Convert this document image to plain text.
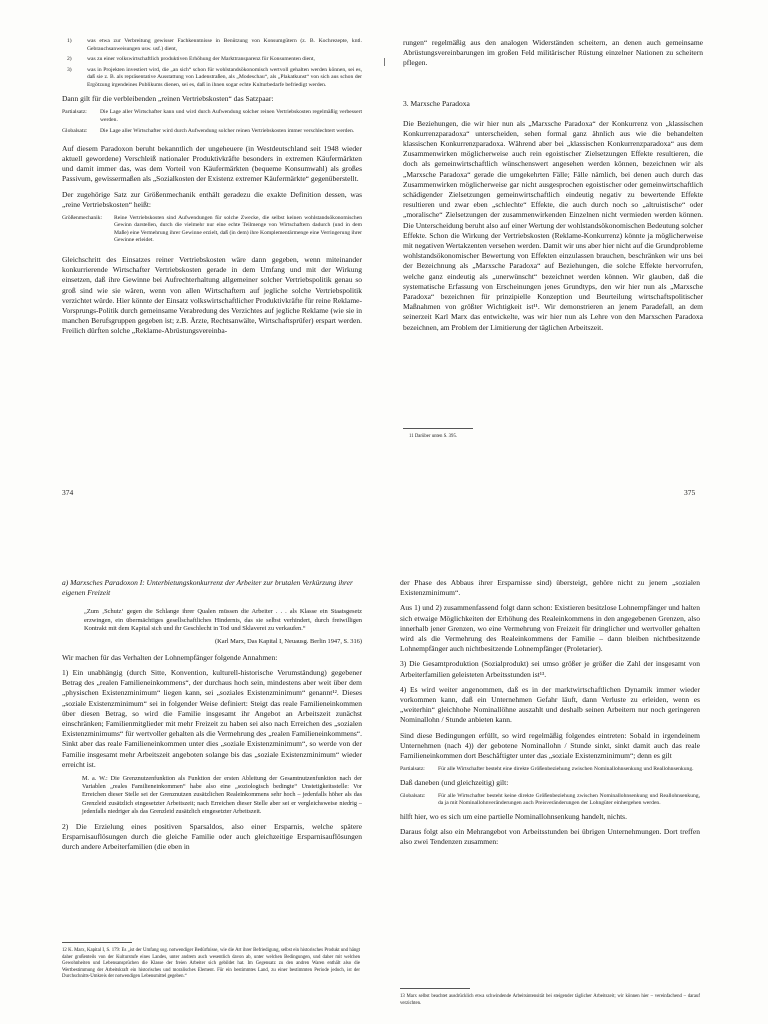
1)	was etwa zur Verbreitung gewisser Fachkenntnisse in Benützung von Konsumgütern (z. B. Kochrezepte, kntl. Gebrauchsanweisungen usw. usf.) dient,
2)	was zu einer volkswirtschaftlich produktiven Erhöhung der Markttransparenz für Konsumenten dient,
3)	was in Projekten investiert wird, die „an sich“ schon für wohlstandsökonomisch wertvoll gehalten werden können, sei es, daß sie z. B. als repräsentative Ausstattung von Ladenstraßen, als „Modeschau“, als „Plakatkunst“ von sich aus schon der Ergötzung irgendeines Publikums dienen, sei es, daß in ihnen sogar echte Kulturbedarfe befriedigt werden.

Dann gilt für die verbleibenden „reinen Vertriebskosten“ das Satzpaar:

Partialsatz:	Die Lage aller Wirtschafter kann und wird durch Aufwendung solcher reinen Vertriebskosten regelmäßig verbessert werden.
Globalsatz:	Die Lage aller Wirtschafter wird durch Aufwendung solcher reinen Vertriebskosten immer verschlechtert werden.

Auf diesem Paradoxon beruht bekanntlich der ungeheuere (in Westdeutschland seit 1948 wieder aktuell gewordene) Verschleiß nationaler Produktivkräfte besonders in extremen Käufermärkten und damit immer das, was dem Vorteil von Käufermärkten (bequeme Konsumwahl) als großes Passivum, gewissermaßen als „Sozialkosten der Existenz extremer Käufermärkte“ gegenüberstellt.

Der zugehörige Satz zur Größenmechanik enthält geradezu die exakte Definition dessen, was „reine Vertriebskosten“ heißt:

Größenmechanik:	Reine Vertriebskosten sind Aufwendungen für solche Zwecke, die selbst keinen wohlstandsökonomischen Gewinn darstellen, durch die vielmehr nur eine echte Teilmenge von Wirtschaftern dadurch (und in dem Maße) eine Vermehrung ihrer Gewinne erzielt, daß (in dem) ihre Komplementärmenge eine Verringerung ihrer Gewinne erleidet.

Gleichschritt des Einsatzes reiner Vertriebskosten wäre dann gegeben, wenn miteinander konkurrierende Wirtschafter Vertriebskosten gerade in dem Umfang und mit der Wirkung einsetzen, daß ihre Gewinne bei Aufrechterhaltung allgemeiner solcher Vertriebspolitik genau so groß sind wie sie wären, wenn von allen Wirtschaftern auf jegliche solche Vertriebspolitik verzichtet würde. Hier könnte der Einsatz volkswirtschaftlicher Produktivkräfte für reine Reklame-Vorsprungs-Politik durch gemeinsame Verabredung des Verzichtes auf jegliche Reklame (wie sie in manchen Berufsgruppen gegeben ist; z.B. Ärzte, Rechtsanwälte, Wirtschaftsprüfer) erspart werden. Freilich dürften solche „Reklame-Abrüstungsvereinba-

374

rungen“ regelmäßig aus den analogen Widerständen scheitern, an denen auch gemeinsame Abrüstungsvereinbarungen im großen Feld militärischer Rüstung einzelner Nationen zu scheitern pflegen.

3. Marxsche Paradoxa

Die Beziehungen, die wir hier nun als „Marxsche Paradoxa“ der Konkurrenz von „klassischen Konkurrenzparadoxa“ unterscheiden, sehen formal ganz ähnlich aus wie die behandelten klassischen Konkurrenzparadoxa. Während aber bei „klassischen Konkurrenzparadoxa“ aus dem Zusammenwirken möglicherweise auch rein egoistischer Zielsetzungen Effekte resultieren, die doch als gemeinwirtschaftlich wünschenswert angesehen werden können, bezeichnen wir als „Marxsche Paradoxa“ gerade die umgekehrten Fälle; Fälle nämlich, bei denen auch durch das Zusammenwirken möglicherweise gar nicht ausgesprochen egoistischer oder gemeinwirtschaftlich schädigender Zielsetzungen gemeinwirtschaftlich eindeutig negativ zu bewertende Effekte resultieren und zwar eben „schlechte“ Effekte, die auch durch noch so „altruistische“ oder „moralische“ Zielsetzungen der zusammenwirkenden Einzelnen nicht vermieden werden können. Die Unterscheidung beruht also auf einer Wertung der wohlstandsökonomischen Bedeutung solcher Effekte. Schon die Wirkung der Vertriebskosten (Reklame-Konkurrenz) könnte ja möglicherweise mit negativen Wertakzenten versehen werden. Damit wir uns aber hier nicht auf die Grundprobleme wohlstandsökonomischer Bewertung von Effekten einzulassen brauchen, beschränken wir uns bei der Bezeichnung als „Marxsche Paradoxa“ auf Beziehungen, die solche Effekte hervorrufen, welche ganz eindeutig als „unerwünscht“ bezeichnet werden können. Wir glauben, daß die systematische Erfassung von Erscheinungen jenes Grundtyps, den wir hier nun als „Marxsche Paradoxa“ bezeichnen für prinzipielle Konzeption und Beurteilung wirtschaftspolitischer Maßnahmen von größter Wichtigkeit ist¹¹. Wir demonstrieren an jenem Paradefall, an dem seinerzeit Karl Marx das entwickelte, was wir hier nun als Lehre von den Marxschen Paradoxa bezeichnen, am Problem der Limitierung der täglichen Arbeitszeit.

11 Darüber unten S. 395.
375
a) Marxsches Paradoxon I: Unterbietungskonkurrenz der Arbeiter zur brutalen Verkürzung ihrer eigenen Freizeit
„Zum ‚Schutz‘ gegen die Schlange ihrer Qualen müssen die Arbeiter . . . als Klasse ein Staatsgesetz erzwingen, ein übermächtiges gesellschaftliches Hindernis, das sie selbst verhindert, durch freiwilligen Kontrakt mit dem Kapital sich und ihr Geschlecht in Tod und Sklaverei zu verkaufen.“
(Karl Marx, Das Kapital I, Neuausg. Berlin 1947, S. 316)

Wir machen für das Verhalten der Lohnempfänger folgende Annahmen:

1) Ein unabhängig (durch Sitte, Konvention, kulturell-historische Verumständung) gegebener Betrag des „realen Familieneinkommens“, der durchaus hoch sein, mindestens aber weit über dem „physischen Existenzminimum“ liegen kann, sei „soziales Existenzminimum“ genannt¹². Dieses „soziale Existenzminimum“ sei in folgender Weise definiert: Steigt das reale Familieneinkommen über diesen Betrag, so wird die Familie insgesamt ihr Angebot an Arbeitszeit zunächst einschränken; Familienmitglieder mit mehr Freizeit zu haben sei also nach Erreichen des „sozialen Existenzminimums“ für wertvoller gehalten als die Vermehrung des „realen Familieneinkommens“. Sinkt aber das reale Familieneinkommen unter dies „soziale Existenzminimum“, so werde von der Familie insgesamt mehr Arbeitszeit angeboten solange bis das „soziale Existenzminimum“ wieder erreicht ist.

M. a. W.: Die Grenznutzenfunktion als Funktion der ersten Ableitung der Gesamtnutzenfunktion nach der Variablen „reales Familieneinkommen“ habe also eine „soziologisch bedingte“ Unstetigkeitsstelle: Vor Erreichen dieser Stelle sei der Grenznutzen zusätzlichen Realeinkommens sehr hoch – jedenfalls höher als das Grenzleid zusätzlich eingesetzter Arbeitszeit; nach Erreichen dieser Stelle aber sei er vergleichsweise niedrig – jedenfalls niedriger als das Grenzleid zusätzlich eingesetzter Arbeitszeit.

2) Die Erzielung eines positiven Sparsaldos, also einer Ersparnis, welche spätere Ersparnisauflösungen durch die gleiche Familie oder auch gleichzeitige Ersparnisauflösungen durch andere Arbeiterfamilien (die eben in

12 K. Marx, Kapital I, S. 179: Es „ist der Umfang sog. notwendiger Bedürfnisse, wie die Art ihrer Befriedigung, selbst ein historisches Produkt und hängt daher großenteils von der Kulturstufe eines Landes, unter andrem auch wesentlich davon ab, unter welchen Bedingungen, und daher mit welchen Gewohnheiten und Lebensansprüchen die Klasse der freien Arbeiter sich gebildet hat. Im Gegensatz zu den andren Waren enthält also die Wertbestimmung der Arbeitskraft ein historisches und moralisches Element. Für ein bestimmtes Land, zu einer bestimmten Periode jedoch, ist der Durchschnitts-Umkreis der notwendigen Lebensmittel gegeben.“

der Phase des Abbaus ihrer Ersparnisse sind) übersteigt, gehöre nicht zu jenem „sozialen Existenzminimum“.

Aus 1) und 2) zusammenfassend folgt dann schon: Existieren besitzlose Lohnempfänger und halten sich etwaige Möglichkeiten der Erhöhung des Realeinkommens in den angegebenen Grenzen, also innerhalb jener Grenzen, wo eine Vermehrung von Freizeit für dringlicher und wertvoller gehalten wird als die Vermehrung des Realeinkommens der Familie – dann bleiben nichtbesitzende Lohnempfänger auch nichtbesitzende Lohnempfänger (Proletarier).

3) Die Gesamtproduktion (Sozialprodukt) sei umso größer je größer die Zahl der insgesamt von Arbeiterfamilien geleisteten Arbeitsstunden ist¹³.

4) Es wird weiter angenommen, daß es in der marktwirtschaftlichen Dynamik immer wieder vorkommen kann, daß ein Unternehmen Gefahr läuft, dann Verluste zu erleiden, wenn es „weiterhin“ gleichhohe Nominallöhne auszahlt und deshalb seinen Arbeitern nur noch geringeren Nominallohn / Stunde anbieten kann.

Sind diese Bedingungen erfüllt, so wird regelmäßig folgendes eintreten: Sobald in irgendeinem Unternehmen (nach 4)) der gebotene Nominallohn / Stunde sinkt, sinkt damit auch das reale Familieneinkommen dort Beschäftigter unter das „soziale Existenzminimum“; denn es gilt

Partialsatz:	Für alle Wirtschafter besteht eine direkte Größenbeziehung zwischen Nominallohnsenkung und Reallohnsenkung.

Daß daneben (und gleichzeitig) gilt:

Globalsatz:	Für alle Wirtschafter besteht keine direkte Größenbeziehung zwischen Nominallohnsenkung und Reallohnsenkung, da ja mit Nominallohnveränderungen auch Preisveränderungen der Lohngüter einhergehen werden.

hilft hier, wo es sich um eine partielle Nominallohnsenkung handelt, nichts.

Daraus folgt also ein Mehrangebot von Arbeitsstunden bei übrigen Unternehmungen. Dort treffen also zwei Tendenzen zusammen:

13 Marx selbst beachtet ausdrücklich etwa schwindende Arbeitsintensität bei steigender täglicher Arbeitszeit; wir können hier – vereinfachend – darauf verzichten.
